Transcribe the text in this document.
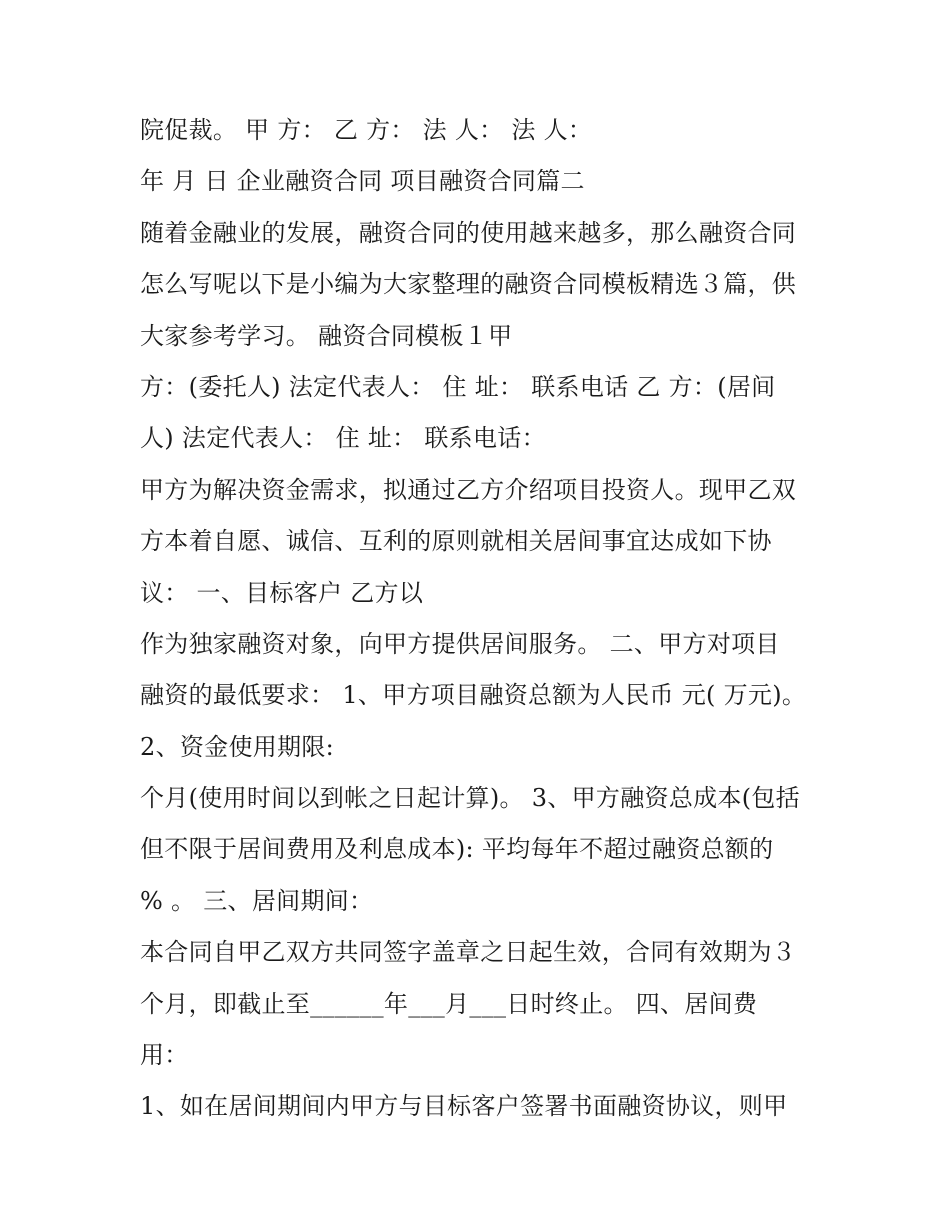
院促裁。 甲 方： 乙 方： 法 人： 法 人：
年 月 日 企业融资合同 项目融资合同篇二
随着金融业的发展，融资合同的使用越来越多，那么融资合同
怎么写呢以下是小编为大家整理的融资合同模板精选３篇，供
大家参考学习。 融资合同模板１甲
方：(委托人) 法定代表人： 住 址： 联系电话 乙 方：(居间
人) 法定代表人： 住 址： 联系电话：
甲方为解决资金需求，拟通过乙方介绍项目投资人。现甲乙双
方本着自愿、诚信、互利的原则就相关居间事宜达成如下协
议： 一、目标客户 乙方以
作为独家融资对象，向甲方提供居间服务。 二、甲方对项目
融资的最低要求： 1、甲方项目融资总额为人民币 元( 万元)。
2、资金使用期限:
个月(使用时间以到帐之日起计算)。 3、甲方融资总成本(包括
但不限于居间费用及利息成本): 平均每年不超过融资总额的
% 。 三、居间期间：
本合同自甲乙双方共同签字盖章之日起生效，合同有效期为３
个月，即截止至______年___月___日时终止。 四、居间费
用：
1、如在居间期间内甲方与目标客户签署书面融资协议，则甲
